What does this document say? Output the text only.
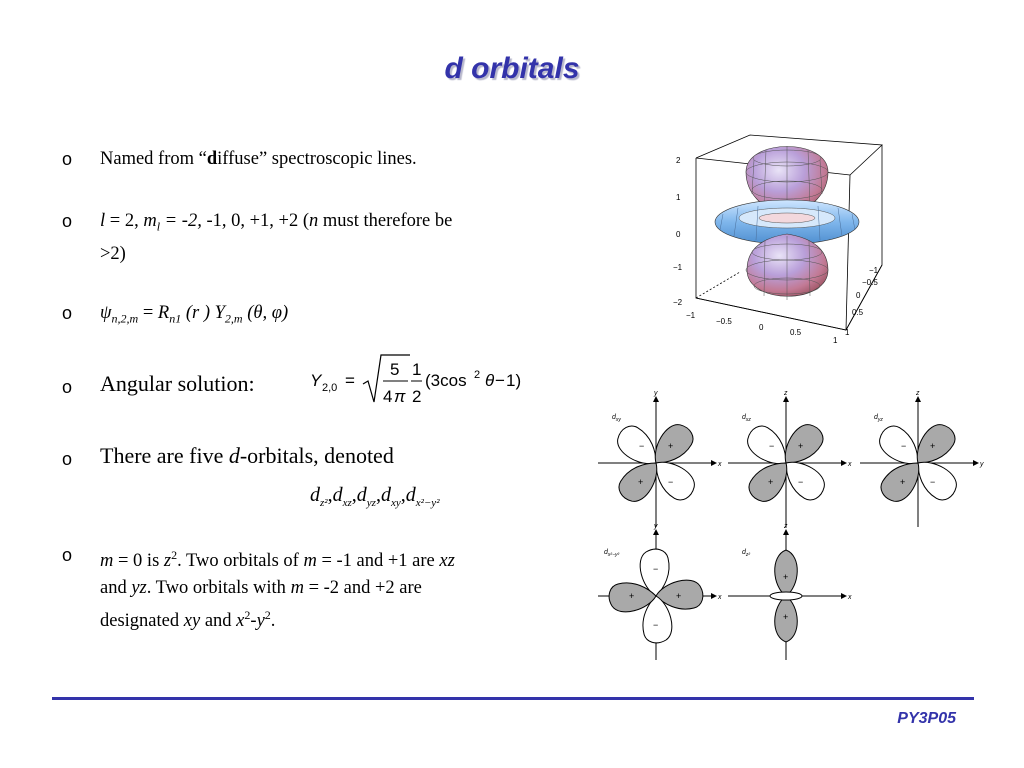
d orbitals
o Named from “diffuse” spectroscopic lines.
o l = 2, $m_l = -2$, -1, 0, +1, +2 (n must therefore be
>2)
o $\psi_{n,2,m} = R_{n1}$ (r ) $Y_{2,m}$ (θ, φ)
o Angular solution:
o There are five d-orbitals, denoted
o m = 0 is $z^2$. Two orbitals of m = -1 and +1 are xz
and yz. Two orbitals with m = -2 and +2 are
designated xy and $x^2-y^2$.
Y 2,0 =
5
4 π
1
2
(3cos 2 θ − 1)
$d_{z^2},d_{xz},d_{yz},d_{xy},d_{x^2-y^2}$
2
1
0
−1
−2
−1
−0.5
0
0.5
1
−1
−0.5
0
0.5
1
$d_{xy}$
x
y
−	+
+	−
$d_{xz}$
x
z
−	+
+	−
$d_{yz}$
y
z
−	+
+	−
$d_{x^2-y^2}$
x
y
−
−
+	+
$d_{z^2}$
x
z
+
+
PY3P05
